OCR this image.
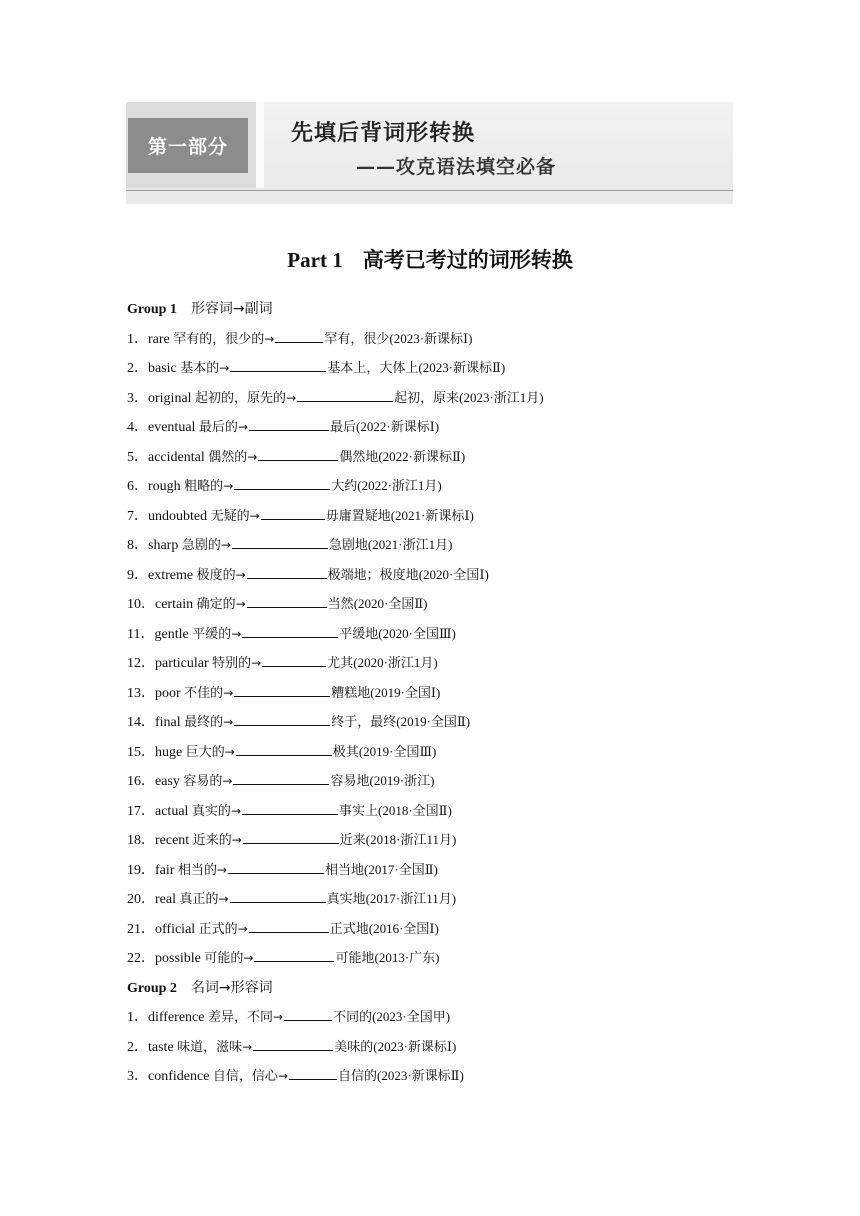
第一部分
先填后背词形转换
——攻克语法填空必备
Part 1 高考已考过的词形转换
Group 1 形容词→副词
1．rare 罕有的，很少的→	罕有，很少(2023·新课标Ⅰ)
2．basic 基本的→	基本上，大体上(2023·新课标Ⅱ)
3．original 起初的，原先的→	起初，原来(2023·浙江1月)
4．eventual 最后的→	最后(2022·新课标Ⅰ)
5．accidental 偶然的→	偶然地(2022·新课标Ⅱ)
6．rough 粗略的→	大约(2022·浙江1月)
7．undoubted 无疑的→	毋庸置疑地(2021·新课标Ⅰ)
8．sharp 急剧的→	急剧地(2021·浙江1月)
9．extreme 极度的→	极端地；极度地(2020·全国Ⅰ)
10．certain 确定的→	当然(2020·全国Ⅱ)
11．gentle 平缓的→	平缓地(2020·全国Ⅲ)
12．particular 特别的→	尤其(2020·浙江1月)
13．poor 不佳的→	糟糕地(2019·全国Ⅰ)
14．final 最终的→	终于，最终(2019·全国Ⅱ)
15．huge 巨大的→	极其(2019·全国Ⅲ)
16．easy 容易的→	容易地(2019·浙江)
17．actual 真实的→	事实上(2018·全国Ⅱ)
18．recent 近来的→	近来(2018·浙江11月)
19．fair 相当的→	相当地(2017·全国Ⅱ)
20．real 真正的→	真实地(2017·浙江11月)
21．official 正式的→	正式地(2016·全国Ⅰ)
22．possible 可能的→	可能地(2013·广东)
Group 2 名词→形容词
1．difference 差异，不同→	不同的(2023·全国甲)
2．taste 味道，滋味→	美味的(2023·新课标Ⅰ)
3．confidence 自信，信心→	自信的(2023·新课标Ⅱ)
